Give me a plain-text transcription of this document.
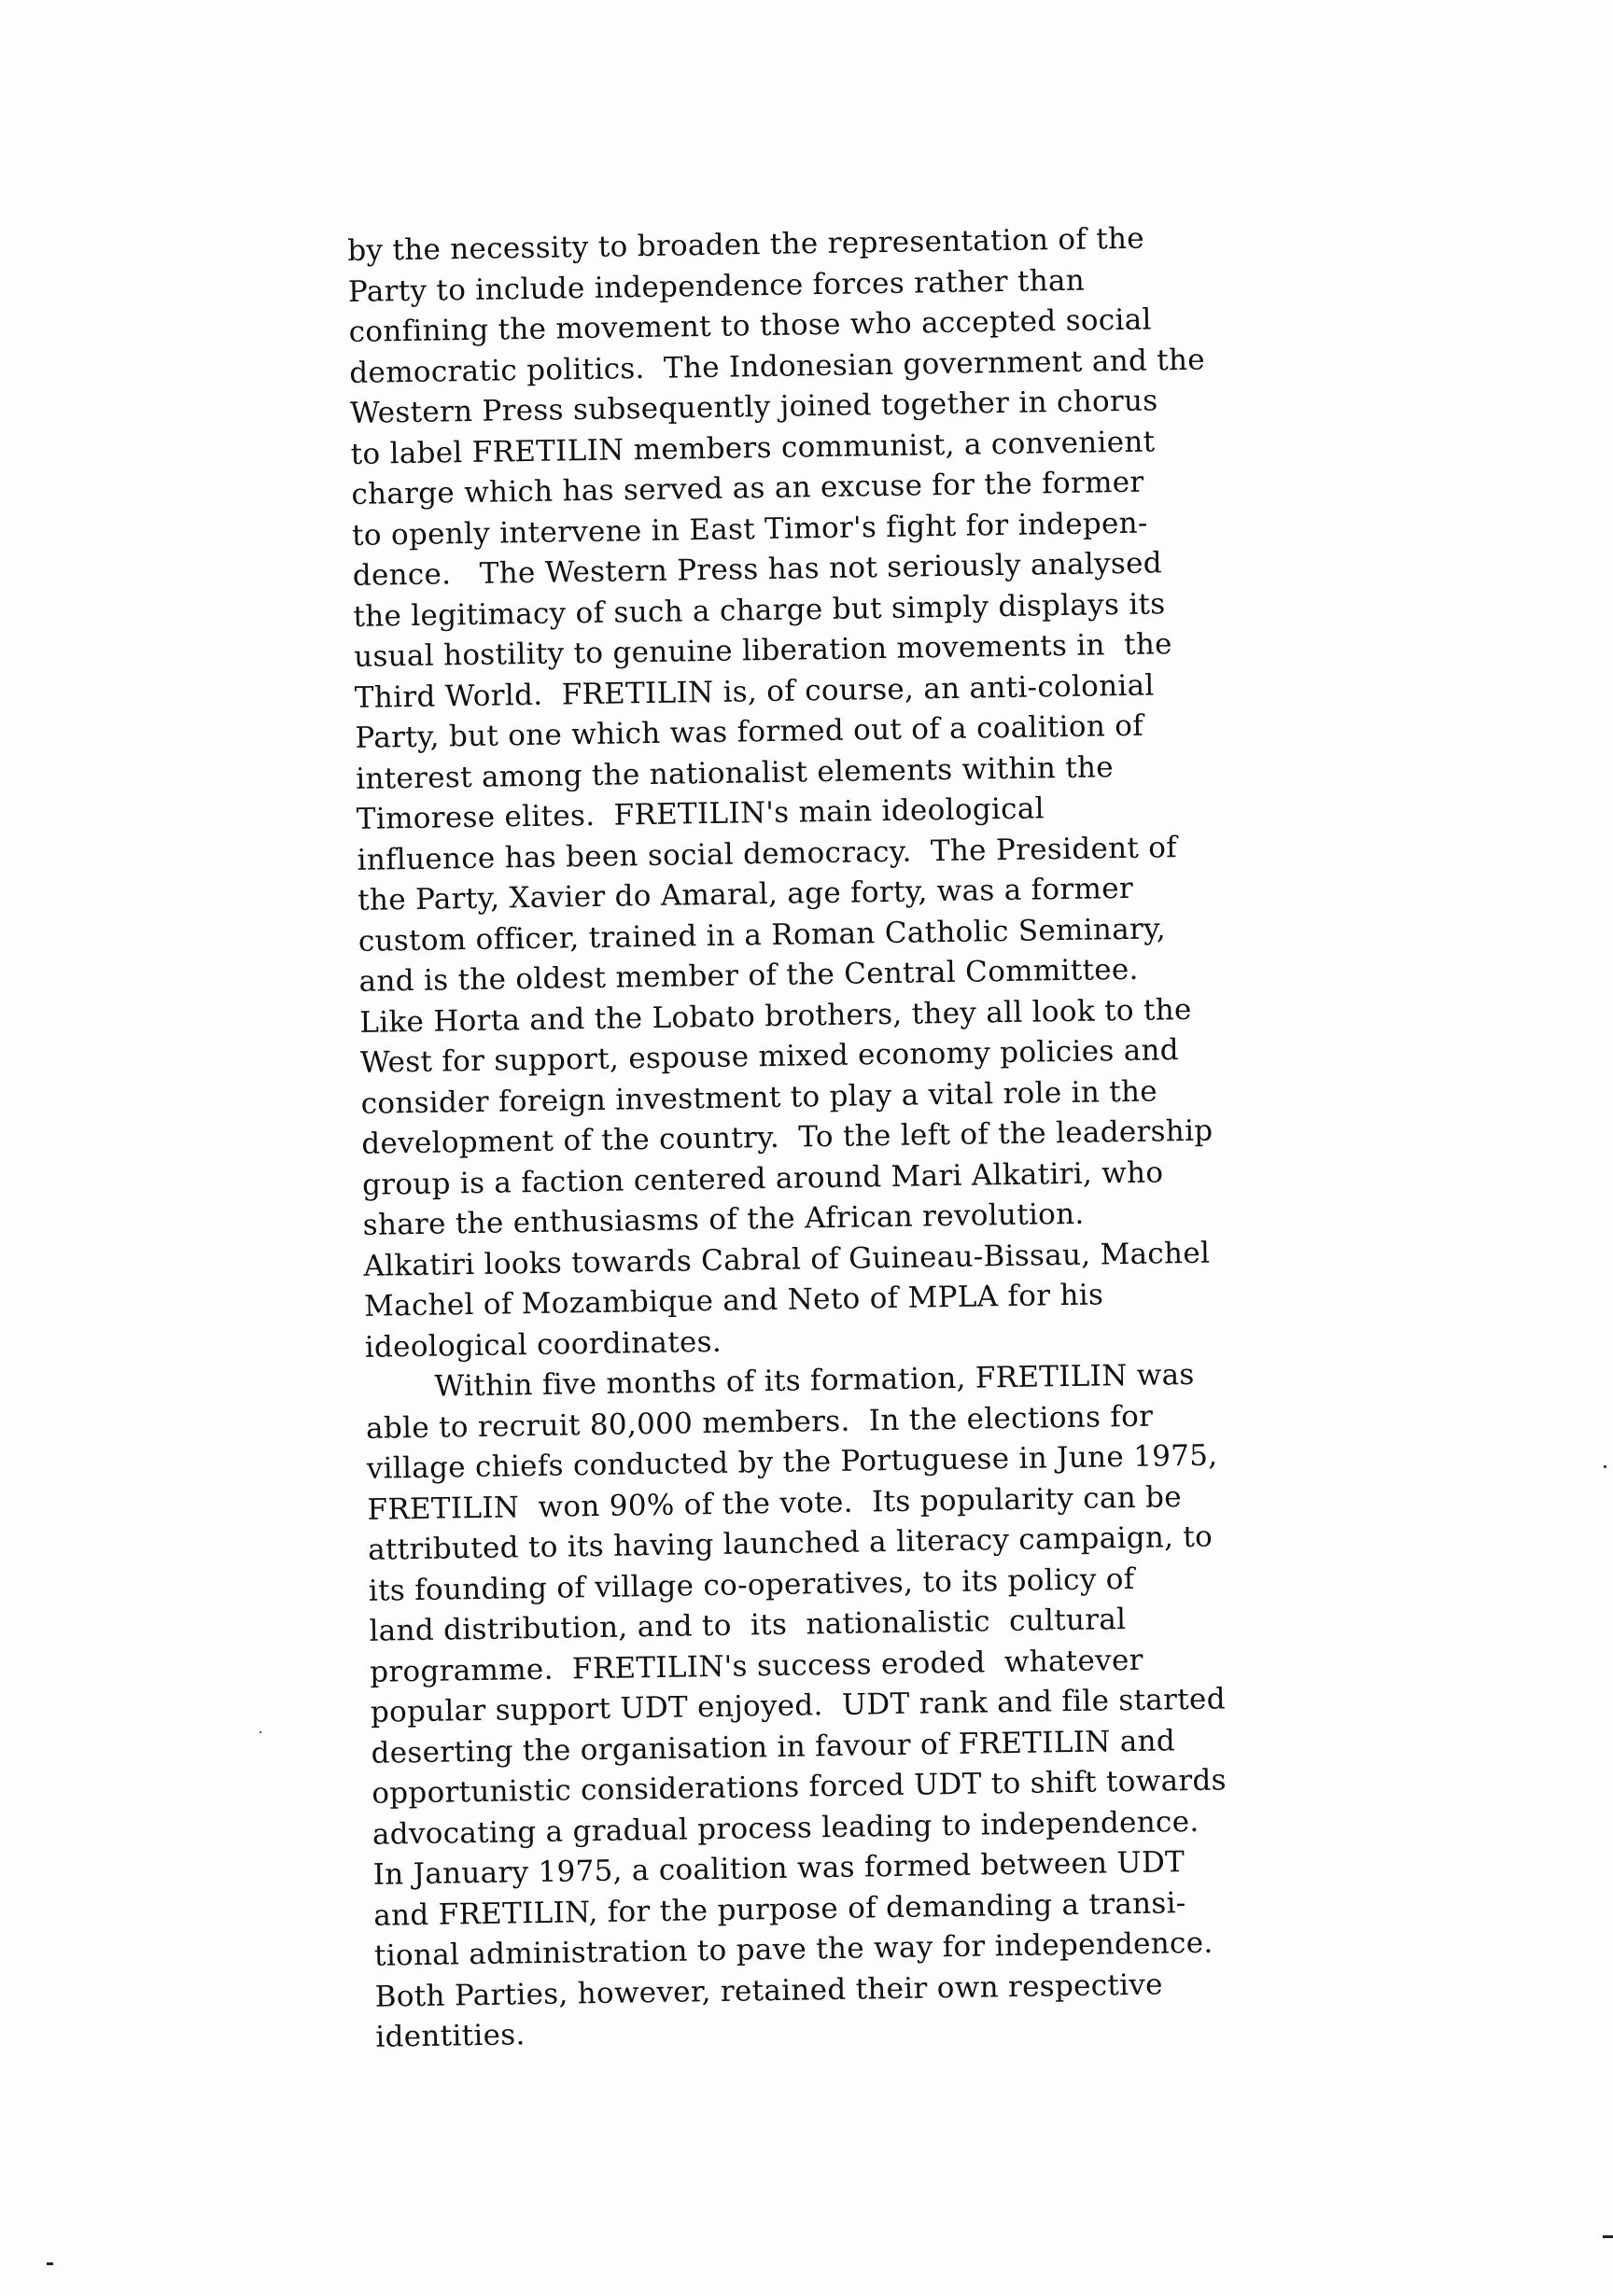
by the necessity to broaden the representation of the
Party to include independence forces rather than
confining the movement to those who accepted social
democratic politics.  The Indonesian government and the
Western Press subsequently joined together in chorus
to label FRETILIN members communist, a convenient
charge which has served as an excuse for the former
to openly intervene in East Timor's fight for indepen-
dence.   The Western Press has not seriously analysed
the legitimacy of such a charge but simply displays its
usual hostility to genuine liberation movements in  the
Third World.  FRETILIN is, of course, an anti-colonial
Party, but one which was formed out of a coalition of
interest among the nationalist elements within the
Timorese elites.  FRETILIN's main ideological
influence has been social democracy.  The President of
the Party, Xavier do Amaral, age forty, was a former
custom officer, trained in a Roman Catholic Seminary,
and is the oldest member of the Central Committee.
Like Horta and the Lobato brothers, they all look to the
West for support, espouse mixed economy policies and
consider foreign investment to play a vital role in the
development of the country.  To the left of the leadership
group is a faction centered around Mari Alkatiri, who
share the enthusiasms of the African revolution.
Alkatiri looks towards Cabral of Guineau-Bissau, Machel
Machel of Mozambique and Neto of MPLA for his
ideological coordinates.
Within five months of its formation, FRETILIN was
able to recruit 80,000 members.  In the elections for
village chiefs conducted by the Portuguese in June 1975,
FRETILIN  won 90% of the vote.  Its popularity can be
attributed to its having launched a literacy campaign, to
its founding of village co-operatives, to its policy of
land distribution, and to  its  nationalistic  cultural
programme.  FRETILIN's success eroded  whatever
popular support UDT enjoyed.  UDT rank and file started
deserting the organisation in favour of FRETILIN and
opportunistic considerations forced UDT to shift towards
advocating a gradual process leading to independence.
In January 1975, a coalition was formed between UDT
and FRETILIN, for the purpose of demanding a transi-
tional administration to pave the way for independence.
Both Parties, however, retained their own respective
identities.
